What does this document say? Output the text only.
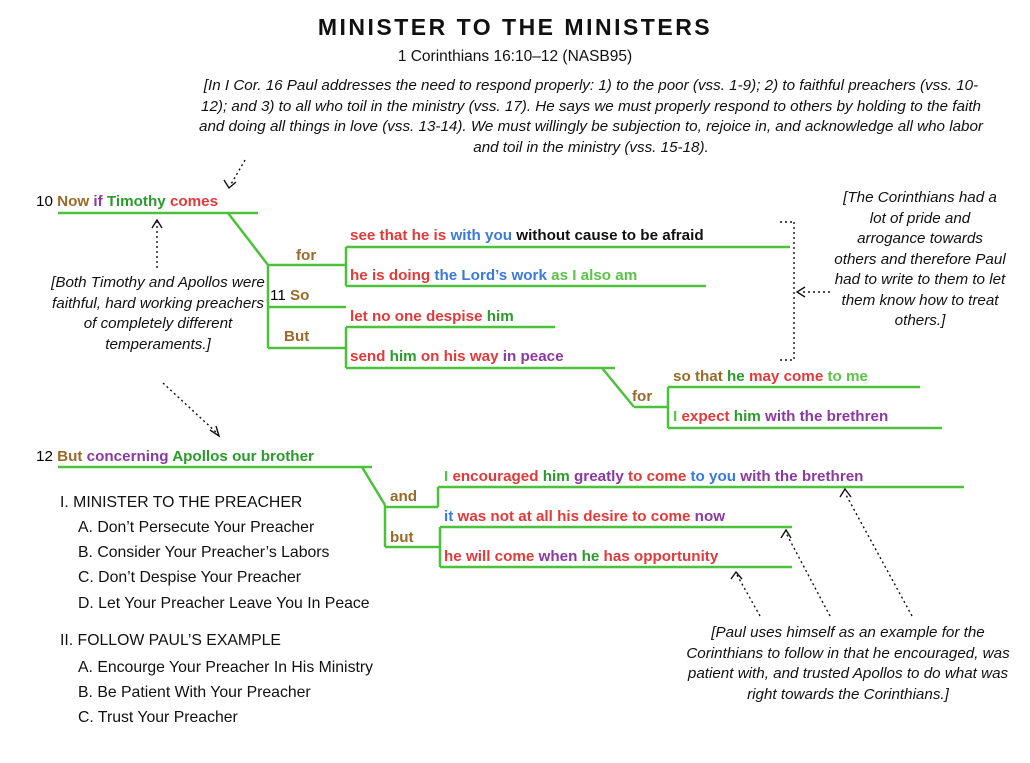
MINISTER TO THE MINISTERS
1 Corinthians 16:10–12 (NASB95)
[In I Cor. 16 Paul addresses the need to respond properly: 1) to the poor (vss. 1-9); 2) to faithful preachers (vss. 10-12); and 3) to all who toil in the ministry (vss. 17). He says we must properly respond to others by holding to the faith and doing all things in love (vss. 13-14). We must willingly be subjection to, rejoice in, and acknowledge all who labor and toil in the ministry (vss. 15-18).
[Both Timothy and Apollos were faithful, hard working preachers of completely different temperaments.]
[The Corinthians had a lot of pride and arrogance towards others and therefore Paul had to write to them to let them know how to treat others.]
[Paul uses himself as an example for the Corinthians to follow in that he encouraged, was patient with, and trusted Apollos to do what was right towards the Corinthians.]
10 Now if Timothy comes
for
see that he is with you without cause to be afraid
he is doing the Lord’s work as I also am
11 So
But
let no one despise him
send him on his way in peace
for
so that he may come to me
I expect him with the brethren
12 But concerning Apollos our brother
and
but
I encouraged him greatly to come to you with the brethren
it was not at all his desire to come now
he will come when he has opportunity
I. MINISTER TO THE PREACHER
A. Don’t Persecute Your Preacher
B. Consider Your Preacher’s Labors
C. Don’t Despise Your Preacher
D. Let Your Preacher Leave You In Peace
II. FOLLOW PAUL’S EXAMPLE
A. Encourge Your Preacher In His Ministry
B. Be Patient With Your Preacher
C. Trust Your Preacher
